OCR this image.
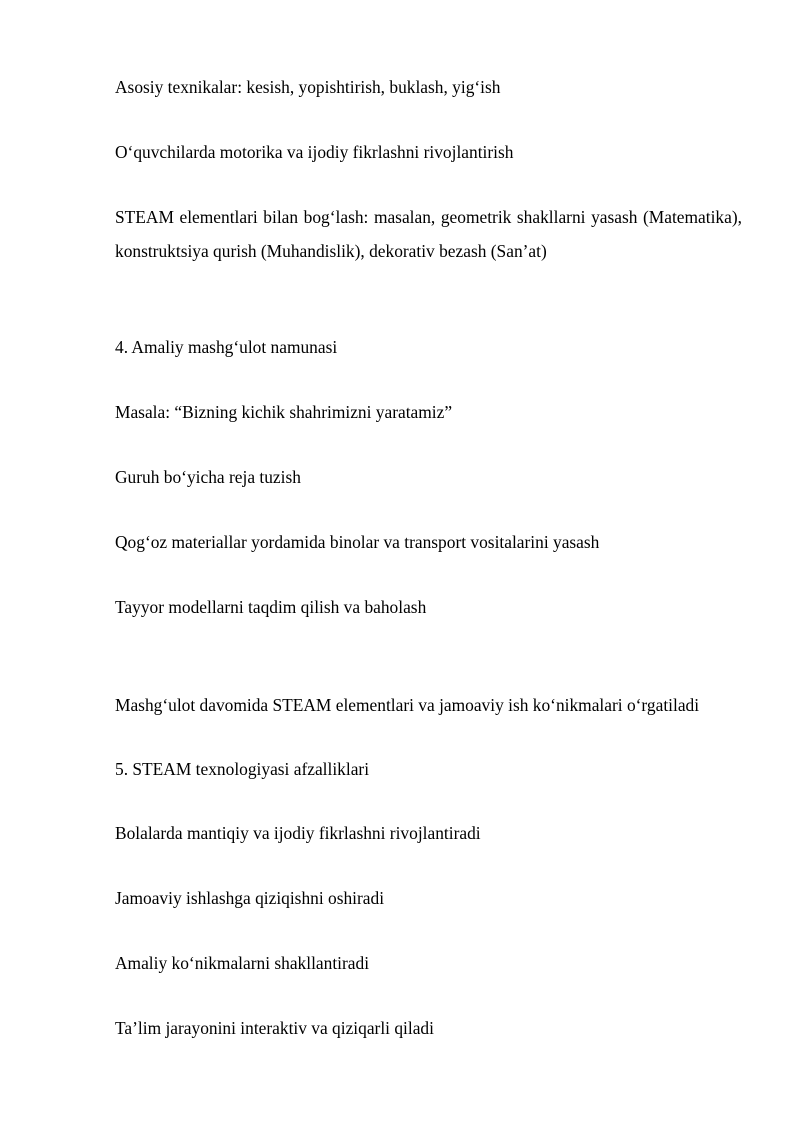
Asosiy texnikalar: kesish, yopishtirish, buklash, yig‘ish

O‘quvchilarda motorika va ijodiy fikrlashni rivojlantirish

STEAM elementlari bilan bog‘lash: masalan, geometrik shakllarni yasash (Matematika), konstruktsiya qurish (Muhandislik), dekorativ bezash (San’at)

4. Amaliy mashg‘ulot namunasi

Masala: “Bizning kichik shahrimizni yaratamiz”

Guruh bo‘yicha reja tuzish

Qog‘oz materiallar yordamida binolar va transport vositalarini yasash

Tayyor modellarni taqdim qilish va baholash

Mashg‘ulot davomida STEAM elementlari va jamoaviy ish ko‘nikmalari o‘rgatiladi

5. STEAM texnologiyasi afzalliklari

Bolalarda mantiqiy va ijodiy fikrlashni rivojlantiradi

Jamoaviy ishlashga qiziqishni oshiradi

Amaliy ko‘nikmalarni shakllantiradi

Ta’lim jarayonini interaktiv va qiziqarli qiladi
